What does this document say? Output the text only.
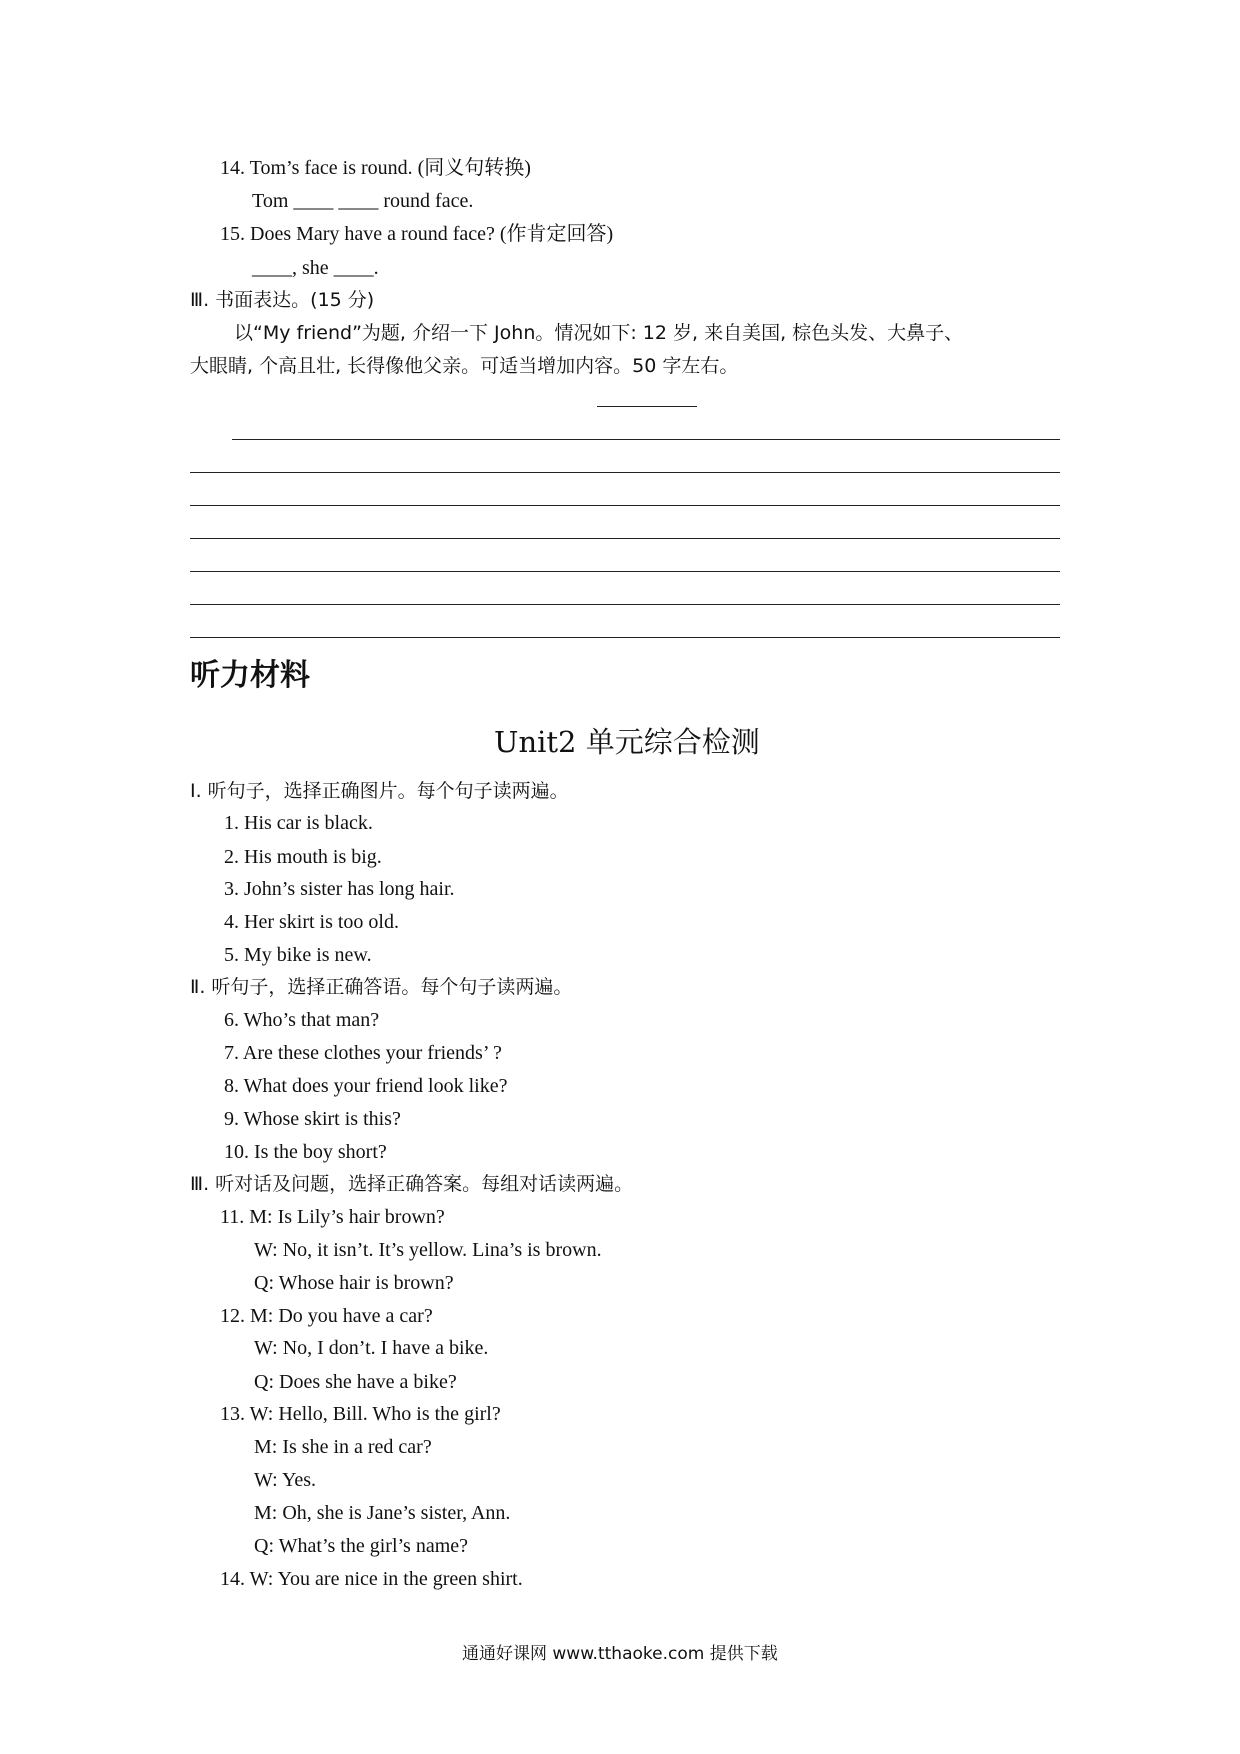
14. Tom’s face is round. (同义句转换)
Tom ____ ____ round face.
15. Does Mary have a round face? (作肯定回答)
____, she ____.
Ⅲ. 书面表达。(15 分)
以“My friend”为题, 介绍一下 John。情况如下: 12 岁, 来自美国, 棕色头发、大鼻子、
大眼睛, 个高且壮, 长得像他父亲。可适当增加内容。50 字左右。
听力材料
Unit2 单元综合检测
Ⅰ. 听句子，选择正确图片。每个句子读两遍。
1. His car is black.
2. His mouth is big.
3. John’s sister has long hair.
4. Her skirt is too old.
5. My bike is new.
Ⅱ. 听句子，选择正确答语。每个句子读两遍。
6. Who’s that man?
7. Are these clothes your friends’ ?
8. What does your friend look like?
9. Whose skirt is this?
10. Is the boy short?
Ⅲ. 听对话及问题，选择正确答案。每组对话读两遍。
11. M: Is Lily’s hair brown?
W: No, it isn’t. It’s yellow. Lina’s is brown.
Q: Whose hair is brown?
12. M: Do you have a car?
W: No, I don’t. I have a bike.
Q: Does she have a bike?
13. W: Hello, Bill. Who is the girl?
M: Is she in a red car?
W: Yes.
M: Oh, she is Jane’s sister, Ann.
Q: What’s the girl’s name?
14. W: You are nice in the green shirt.
通通好课网 www.tthaoke.com 提供下载
